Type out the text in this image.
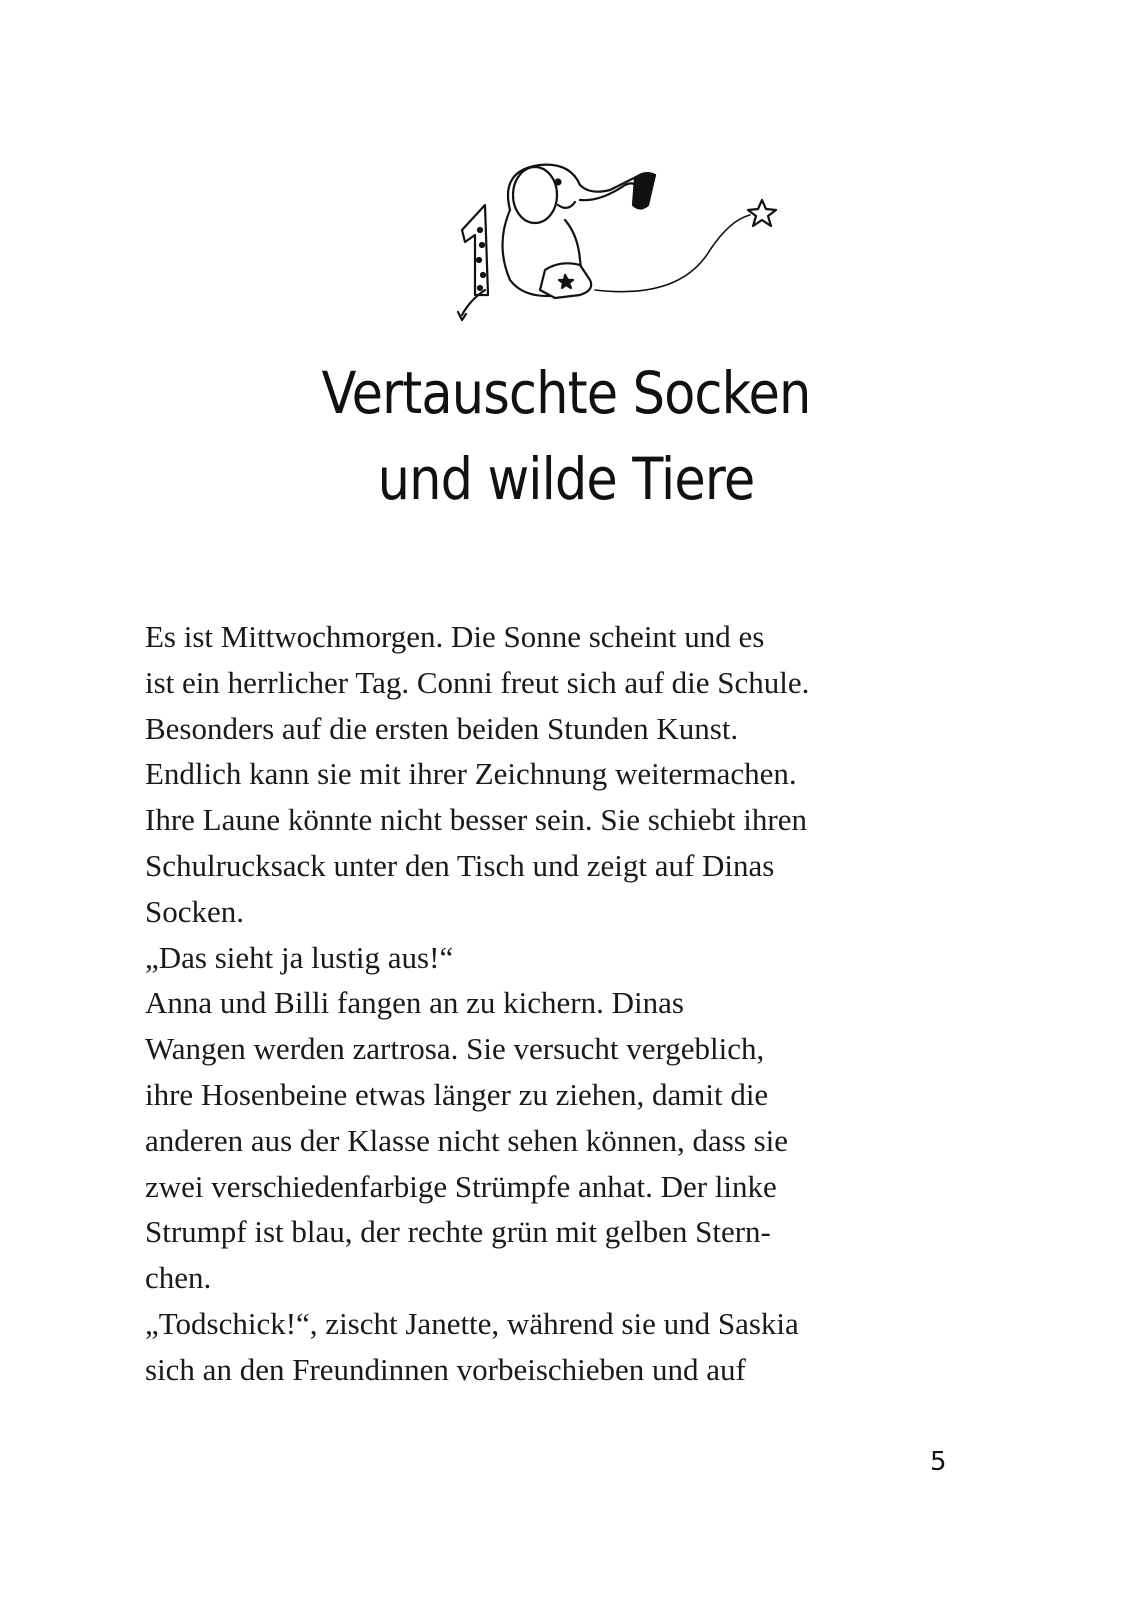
Vertauschte Socken
und wilde Tiere
Es ist Mittwochmorgen. Die Sonne scheint und es
ist ein herrlicher Tag. Conni freut sich auf die Schule.
Besonders auf die ersten beiden Stunden Kunst.
Endlich kann sie mit ihrer Zeichnung weitermachen.
Ihre Laune könnte nicht besser sein. Sie schiebt ihren
Schulrucksack unter den Tisch und zeigt auf Dinas
Socken.
„Das sieht ja lustig aus!“
Anna und Billi fangen an zu kichern. Dinas
Wangen werden zartrosa. Sie versucht vergeblich,
ihre Hosenbeine etwas länger zu ziehen, damit die
anderen aus der Klasse nicht sehen können, dass sie
zwei verschiedenfarbige Strümpfe anhat. Der linke
Strumpf ist blau, der rechte grün mit gelben Stern-
chen.
„Todschick!“, zischt Janette, während sie und Saskia
sich an den Freundinnen vorbeischieben und auf
5
